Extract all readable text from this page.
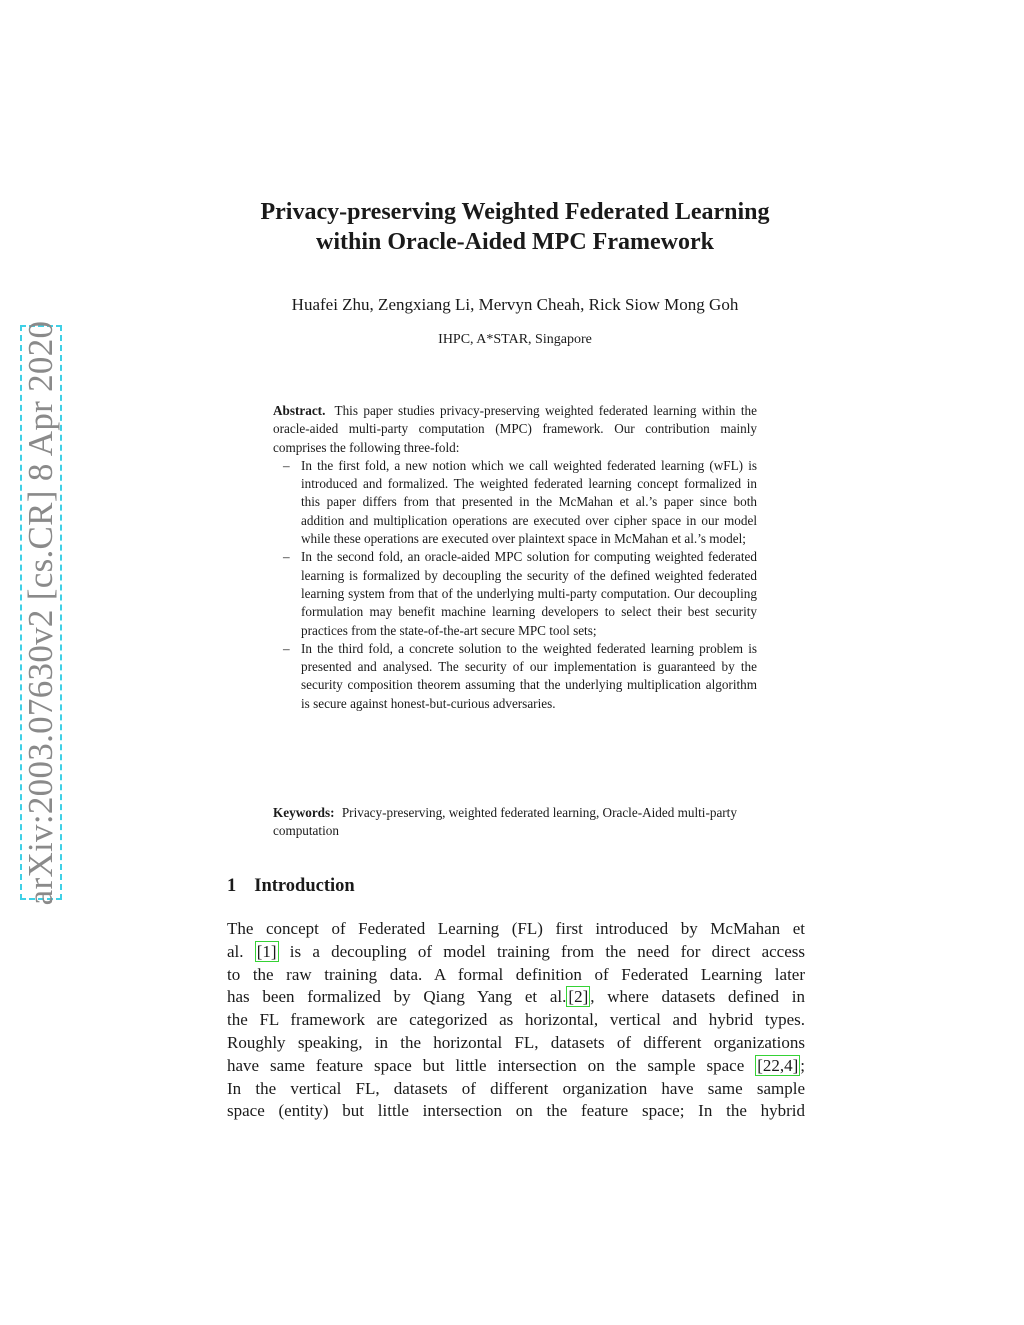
arXiv:2003.07630v2 [cs.CR] 8 Apr 2020
Privacy-preserving Weighted Federated Learning
within Oracle-Aided MPC Framework
Huafei Zhu, Zengxiang Li, Mervyn Cheah, Rick Siow Mong Goh
IHPC, A*STAR, Singapore

Abstract. This paper studies privacy-preserving weighted federated learning within the oracle-aided multi-party computation (MPC) framework. Our contribution mainly comprises the following three-fold:

– In the first fold, a new notion which we call weighted federated learning (wFL) is introduced and formalized. The weighted federated learning concept formalized in this paper differs from that presented in the McMahan et al.’s paper since both addition and multiplication operations are executed over cipher space in our model while these operations are executed over plaintext space in McMahan et al.’s model;
– In the second fold, an oracle-aided MPC solution for computing weighted federated learning is formalized by decoupling the security of the defined weighted federated learning system from that of the underlying multi-party computation. Our decoupling formulation may benefit machine learning developers to select their best security practices from the state-of-the-art secure MPC tool sets;
– In the third fold, a concrete solution to the weighted federated learning problem is presented and analysed. The security of our implementation is guaranteed by the security composition theorem assuming that the underlying multiplication algorithm is secure against honest-but-curious adversaries.
Keywords: Privacy-preserving, weighted federated learning, Oracle-Aided multi-party computation
1 Introduction
The concept of Federated Learning (FL) first introduced by McMahan et
al. [1] is a decoupling of model training from the need for direct access
to the raw training data. A formal definition of Federated Learning later
has been formalized by Qiang Yang et al. [2] , where datasets defined in
the FL framework are categorized as horizontal, vertical and hybrid types.
Roughly speaking, in the horizontal FL, datasets of different organizations
have same feature space but little intersection on the sample space [22,4] ;
In the vertical FL, datasets of different organization have same sample
space (entity) but little intersection on the feature space; In the hybrid
